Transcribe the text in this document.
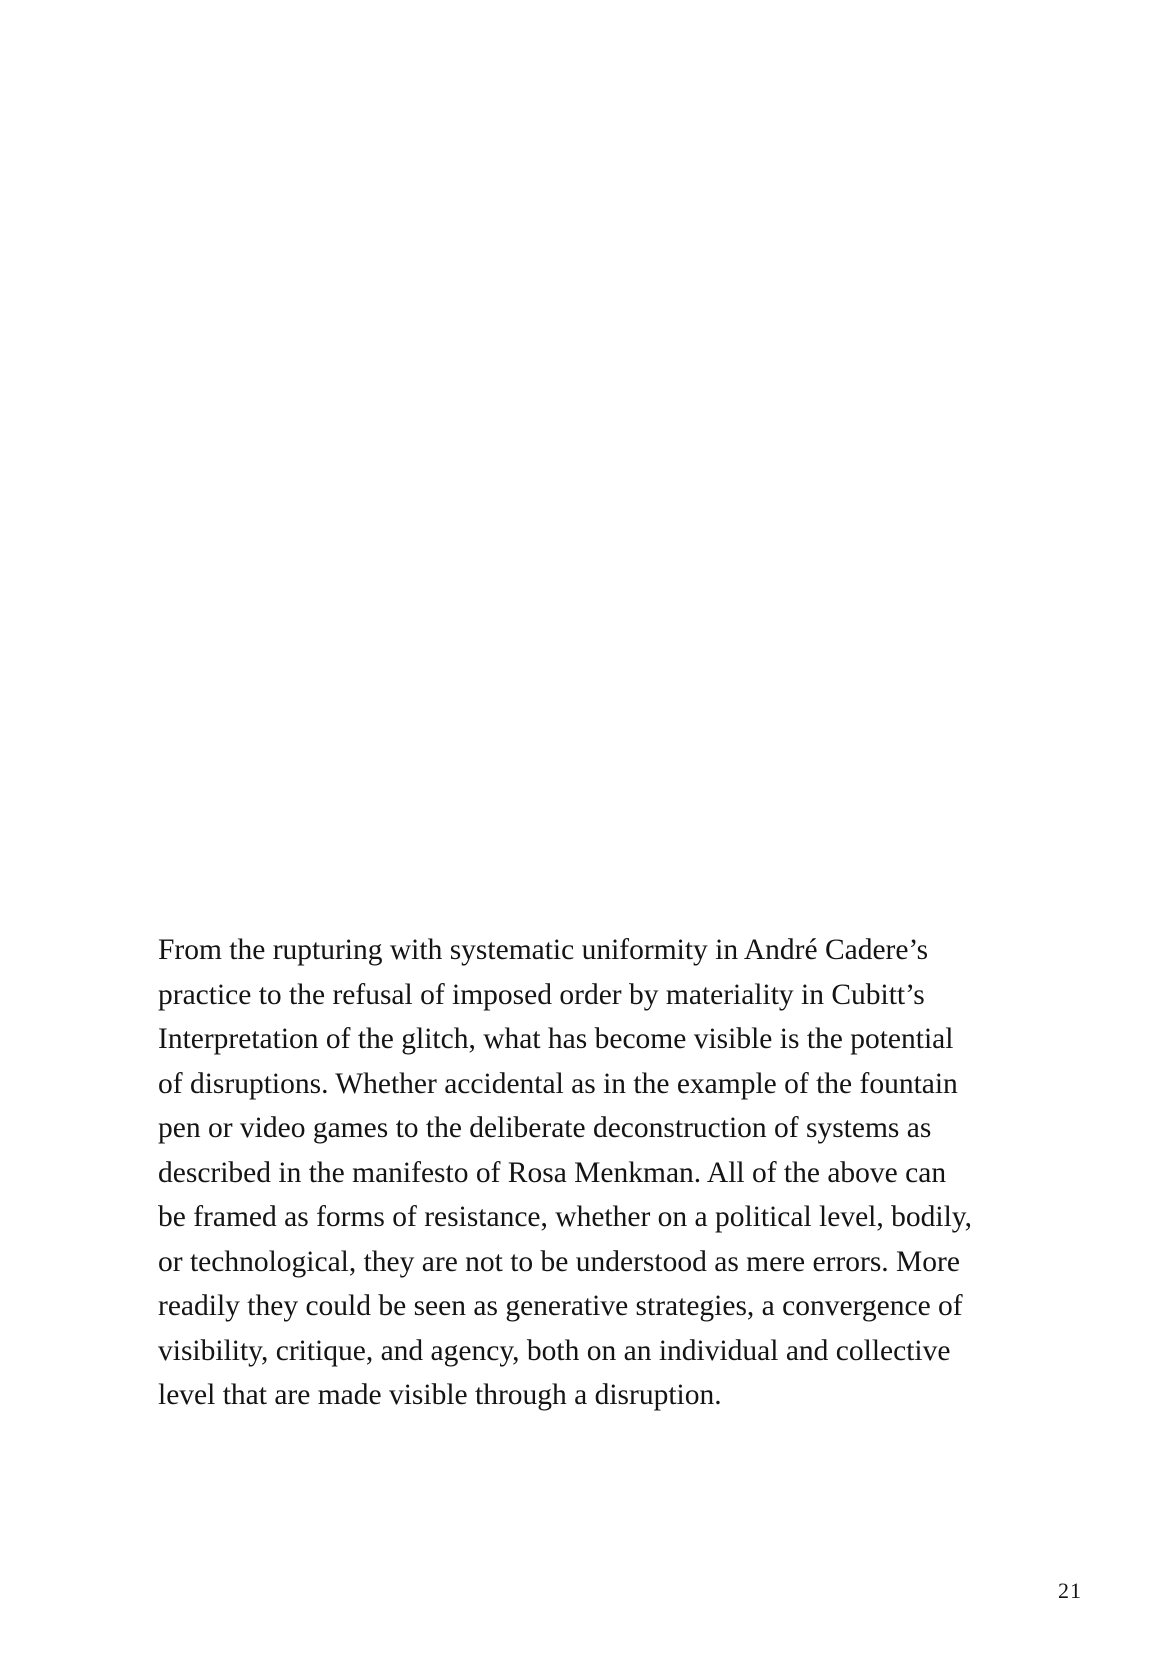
From the rupturing with systematic uniformity in André Cadere’s
practice to the refusal of imposed order by materiality in Cubitt’s
Interpretation of the glitch, what has become visible is the potential
of disruptions. Whether accidental as in the example of the fountain
pen or video games to the deliberate deconstruction of systems as
described in the manifesto of Rosa Menkman. All of the above can
be framed as forms of resistance, whether on a political level, bodily,
or technological, they are not to be understood as mere errors. More
readily they could be seen as generative strategies, a convergence of
visibility, critique, and agency, both on an individual and collective
level that are made visible through a disruption.

21
